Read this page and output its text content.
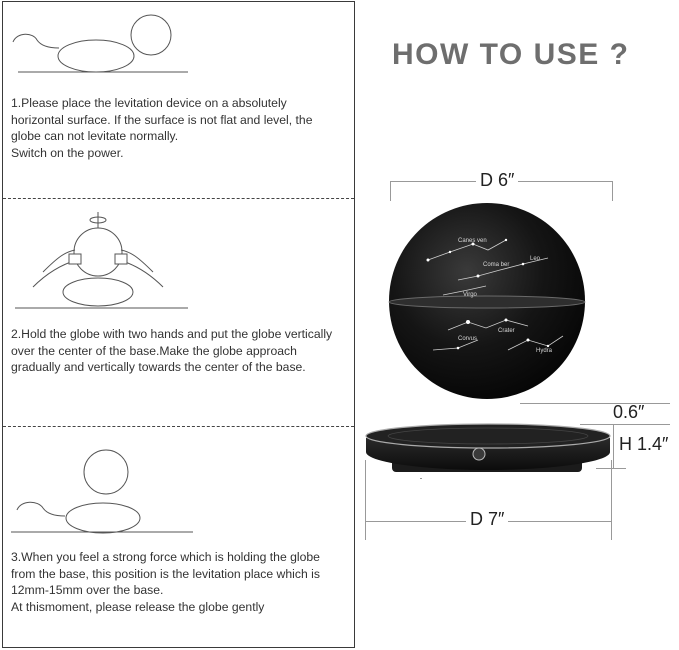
1.Please place the levitation device on a absolutely horizontal surface. If the surface is not flat and level, the globe can not levitate normally.
Switch on the power.
2.Hold the globe with two hands and put the globe vertically over the center of the base.Make the globe approach gradually and vertically towards the center of the base.
3.When you feel a strong force which is holding the globe from the base, this position is the levitation place which is 12mm-15mm over the base.
At thismoment, please release the globe gently
HOW TO USE ?
D 6″
Canes ven
Coma ber
Virgo
Corvus
Crater
Hydra
Leo
0.6″
H 1.4″
D 7″
